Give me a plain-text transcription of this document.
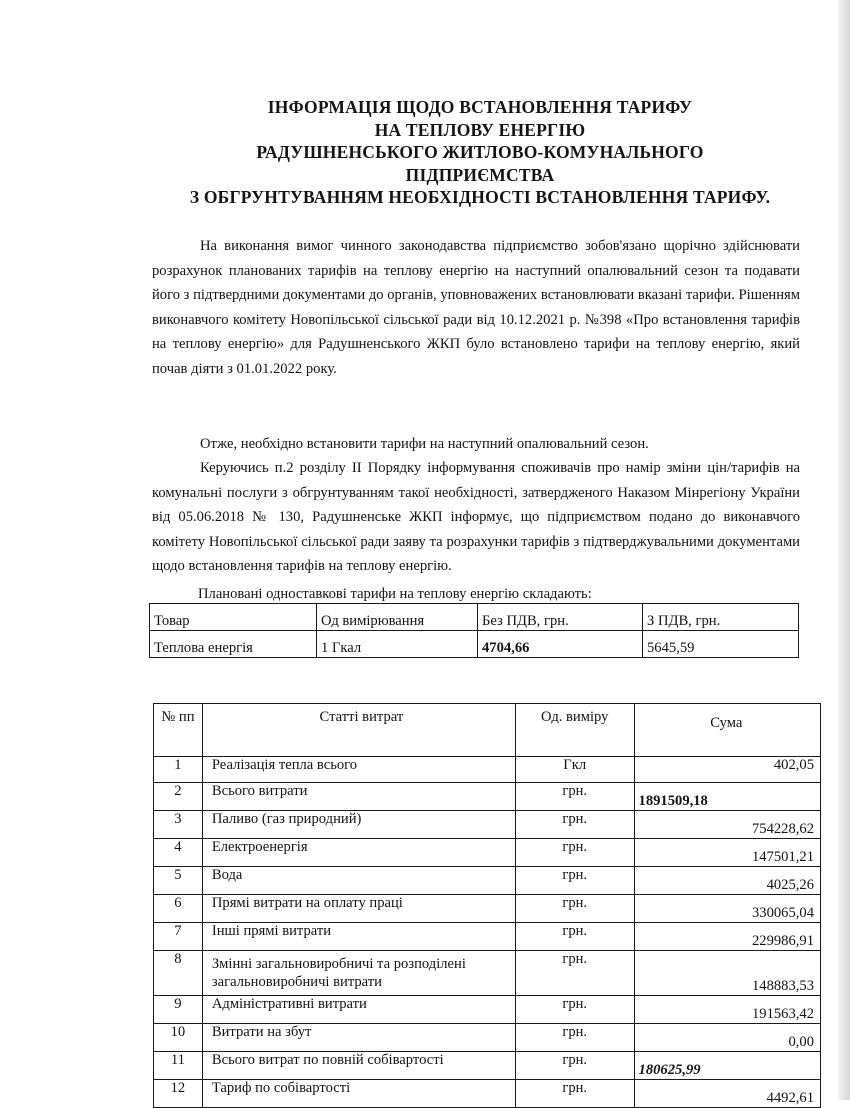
ІНФОРМАЦІЯ ЩОДО ВСТАНОВЛЕННЯ ТАРИФУ
НА ТЕПЛОВУ ЕНЕРГІЮ
РАДУШНЕНСЬКОГО ЖИТЛОВО-КОМУНАЛЬНОГО
ПІДПРИЄМСТВА
З ОБГРУНТУВАННЯМ НЕОБХІДНОСТІ ВСТАНОВЛЕННЯ ТАРИФУ.
На виконання вимог чинного законодавства підприємство зобов'язано щорічно здійснювати розрахунок планованих тарифів на теплову енергію на наступний опалювальний сезон та подавати його з підтвердними документами до органів, уповноважених встановлювати вказані тарифи. Рішенням виконавчого комітету Новопільської сільської ради від 10.12.2021 р. №398 «Про встановлення тарифів на теплову енергію» для Радушненського ЖКП було встановлено тарифи на теплову енергію, який почав діяти з 01.01.2022 року.
Отже, необхідно встановити тарифи на наступний опалювальний сезон.
Керуючись п.2 розділу ІІ Порядку інформування споживачів про намір зміни цін/тарифів на комунальні послуги з обгрунтуванням такої необхідності, затвердженого Наказом Мінрегіону України від 05.06.2018 № 130, Радушненське ЖКП інформує, що підприємством подано до виконавчого комітету Новопільської сільської ради заяву та розрахунки тарифів з підтверджувальними документами щодо встановлення тарифів на теплову енергію.
Плановані одноставкові тарифи на теплову енергію складають:
Товар	Од вимірювання	Без ПДВ, грн.	З ПДВ, грн.
Теплова енергія	1 Гкал	4704,66	5645,59
№ пп	Статті витрат	Од. виміру	Сума
1	Реалізація тепла всього	Гкл	402,05
2	Всього витрати	грн.	1891509,18
3	Паливо (газ природний)	грн.	754228,62
4	Електроенергія	грн.	147501,21
5	Вода	грн.	4025,26
6	Прямі витрати на оплату праці	грн.	330065,04
7	Інші прямі витрати	грн.	229986,91
8	Змінні загальновиробничі та розподілені загальновиробничі витрати	грн.	148883,53
9	Адміністративні витрати	грн.	191563,42
10	Витрати на збут	грн.	0,00
11	Всього витрат по повній собівартості	грн.	180625,99
12	Тариф по собівартості	грн.	4492,61
